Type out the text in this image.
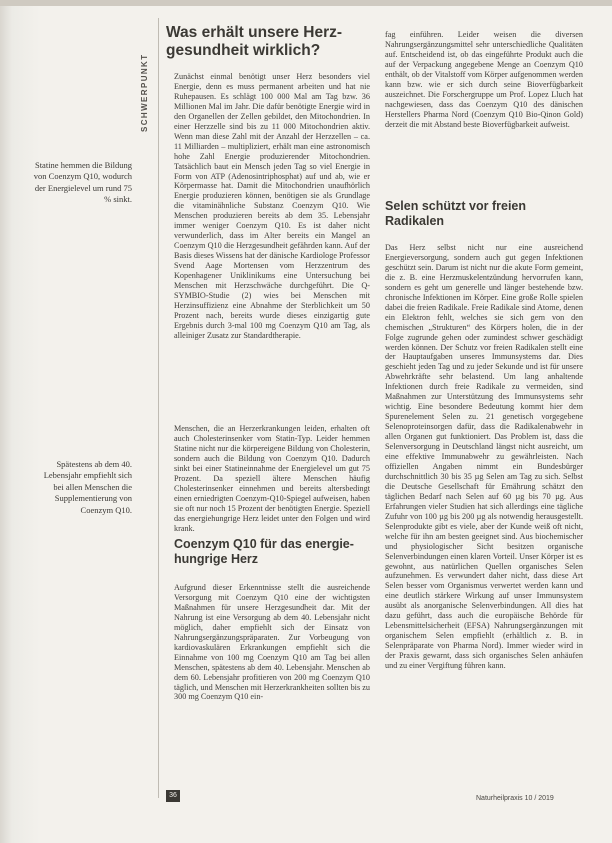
SCHWERPUNKT

Statine hemmen die Bildung von Coenzym Q10, wodurch der Energielevel um rund 75 % sinkt.

Spätestens ab dem 40. Lebensjahr empfiehlt sich bei allen Menschen die Supplementierung von Coenzym Q10.

Was erhält unsere Herz-gesundheit wirklich?

Zunächst einmal benötigt unser Herz besonders viel Energie, denn es muss permanent arbeiten und hat nie Ruhepausen. Es schlägt 100 000 Mal am Tag bzw. 36 Millionen Mal im Jahr. Die dafür benötigte Energie wird in den Organellen der Zellen gebildet, den Mitochondrien. In einer Herzzelle sind bis zu 11 000 Mitochondrien aktiv. Wenn man diese Zahl mit der Anzahl der Herzzellen – ca. 11 Milliarden – multipliziert, erhält man eine astronomisch hohe Zahl Energie produzierender Mitochondrien. Tatsächlich baut ein Mensch jeden Tag so viel Energie in Form von ATP (Adenosintriphosphat) auf und ab, wie er Körpermasse hat. Damit die Mitochondrien unaufhörlich Energie produzieren können, benötigen sie als Grundlage die vitaminähnliche Substanz Coenzym Q10. Wie Menschen produzieren bereits ab dem 35. Lebensjahr immer weniger Coenzym Q10. Es ist daher nicht verwunderlich, dass im Alter bereits ein Mangel an Coenzym Q10 die Herzgesundheit gefährden kann. Auf der Basis dieses Wissens hat der dänische Kardiologe Professor Svend Aage Mortensen vom Herzzentrum des Kopenhagener Uniklinikums eine Untersuchung bei Menschen mit Herzschwäche durchgeführt. Die Q-SYMBIO-Studie (2) wies bei Menschen mit Herzinsuffizienz eine Abnahme der Sterblichkeit um 50 Prozent nach, bereits wurde dieses einzigartig gute Ergebnis durch 3-mal 100 mg Coenzym Q10 am Tag, als alleiniger Zusatz zur Standardtherapie.

Menschen, die an Herzerkrankungen leiden, erhalten oft auch Cholesterinsenker vom Statin-Typ. Leider hemmen Statine nicht nur die körpereigene Bildung von Cholesterin, sondern auch die Bildung von Coenzym Q10. Dadurch sinkt bei einer Statineinnahme der Energielevel um gut 75 Prozent. Da speziell ältere Menschen häufig Cholesterinsenker einnehmen und bereits altersbedingt einen erniedrigten Coenzym-Q10-Spiegel aufweisen, haben sie oft nur noch 15 Prozent der benötigten Energie. Speziell das energiehungrige Herz leidet unter den Folgen und wird krank.

Coenzym Q10 für das energie-hungrige Herz

Aufgrund dieser Erkenntnisse stellt die ausreichende Versorgung mit Coenzym Q10 eine der wichtigsten Maßnahmen für unsere Herzgesundheit dar. Mit der Nahrung ist eine Versorgung ab dem 40. Lebensjahr nicht möglich, daher empfiehlt sich der Einsatz von Nahrungsergänzungspräparaten. Zur Vorbeugung von kardiovaskulären Erkrankungen empfiehlt sich die Einnahme von 100 mg Coenzym Q10 am Tag bei allen Menschen, spätestens ab dem 40. Lebensjahr. Menschen ab dem 60. Lebensjahr profitieren von 200 mg Coenzym Q10 täglich, und Menschen mit Herzerkrankheiten sollten bis zu 300 mg Coenzym Q10 ein-

fag einführen. Leider weisen die diversen Nahrungsergänzungsmittel sehr unterschiedliche Qualitäten auf. Entscheidend ist, ob das eingeführte Produkt auch die auf der Verpackung angegebene Menge an Coenzym Q10 enthält, ob der Vitalstoff vom Körper aufgenommen werden kann bzw. wie er sich durch seine Bioverfügbarkeit auszeichnet. Die Forschergruppe um Prof. Lopez Lluch hat nachgewiesen, dass das Coenzym Q10 des dänischen Herstellers Pharma Nord (Coenzym Q10 Bio-Qinon Gold) derzeit die mit Abstand beste Bioverfügbarkeit aufweist.

Selen schützt vor freien Radikalen

Das Herz selbst nicht nur eine ausreichend Energieversorgung, sondern auch gut gegen Infektionen geschützt sein. Darum ist nicht nur die akute Form gemeint, die z. B. eine Herzmuskelentzündung hervorrufen kann, sondern es geht um generelle und länger bestehende bzw. chronische Infektionen im Körper. Eine große Rolle spielen dabei die freien Radikale. Freie Radikale sind Atome, denen ein Elektron fehlt, welches sie sich gern von den chemischen „Strukturen“ des Körpers holen, die in der Folge zugrunde gehen oder zumindest schwer geschädigt werden können. Der Schutz vor freien Radikalen stellt eine der Hauptaufgaben unseres Immunsystems dar. Dies geschieht jeden Tag und zu jeder Sekunde und ist für unsere Abwehrkräfte sehr belastend. Um lang anhaltende Infektionen durch freie Radikale zu vermeiden, sind Maßnahmen zur Unterstützung des Immunsystems sehr wichtig. Eine besondere Bedeutung kommt hier dem Spurenelement Selen zu. 21 genetisch vorgegebene Selenoproteinsorgen dafür, dass die Radikalenabwehr in allen Organen gut funktioniert. Das Problem ist, dass die Selenversorgung in Deutschland längst nicht ausreicht, um eine effektive Immunabwehr zu gewährleisten. Nach offiziellen Angaben nimmt ein Bundesbürger durchschnittlich 30 bis 35 µg Selen am Tag zu sich. Selbst die Deutsche Gesellschaft für Ernährung schätzt den täglichen Bedarf nach Selen auf 60 µg bis 70 µg. Aus Erfahrungen vieler Studien hat sich allerdings eine tägliche Zufuhr von 100 µg bis 200 µg als notwendig herausgestellt. Selenprodukte gibt es viele, aber der Kunde weiß oft nicht, welche für ihn am besten geeignet sind. Aus biochemischer und physiologischer Sicht besitzen organische Selenverbindungen einen klaren Vorteil. Unser Körper ist es gewohnt, aus natürlichen Quellen organisches Selen aufzunehmen. Es verwundert daher nicht, dass diese Art Selen besser vom Organismus verwertet werden kann und eine deutlich stärkere Wirkung auf unser Immunsystem ausübt als anorganische Selenverbindungen. All dies hat dazu geführt, dass auch die europäische Behörde für Lebensmittelsicherheit (EFSA) Nahrungsergänzungen mit organischem Selen empfiehlt (erhältlich z. B. in Selenpräparate von Pharma Nord). Immer wieder wird in der Praxis gewarnt, dass sich organisches Selen anhäufen und zu einer Vergiftung führen kann.

36	Naturheilpraxis 10 / 2019
